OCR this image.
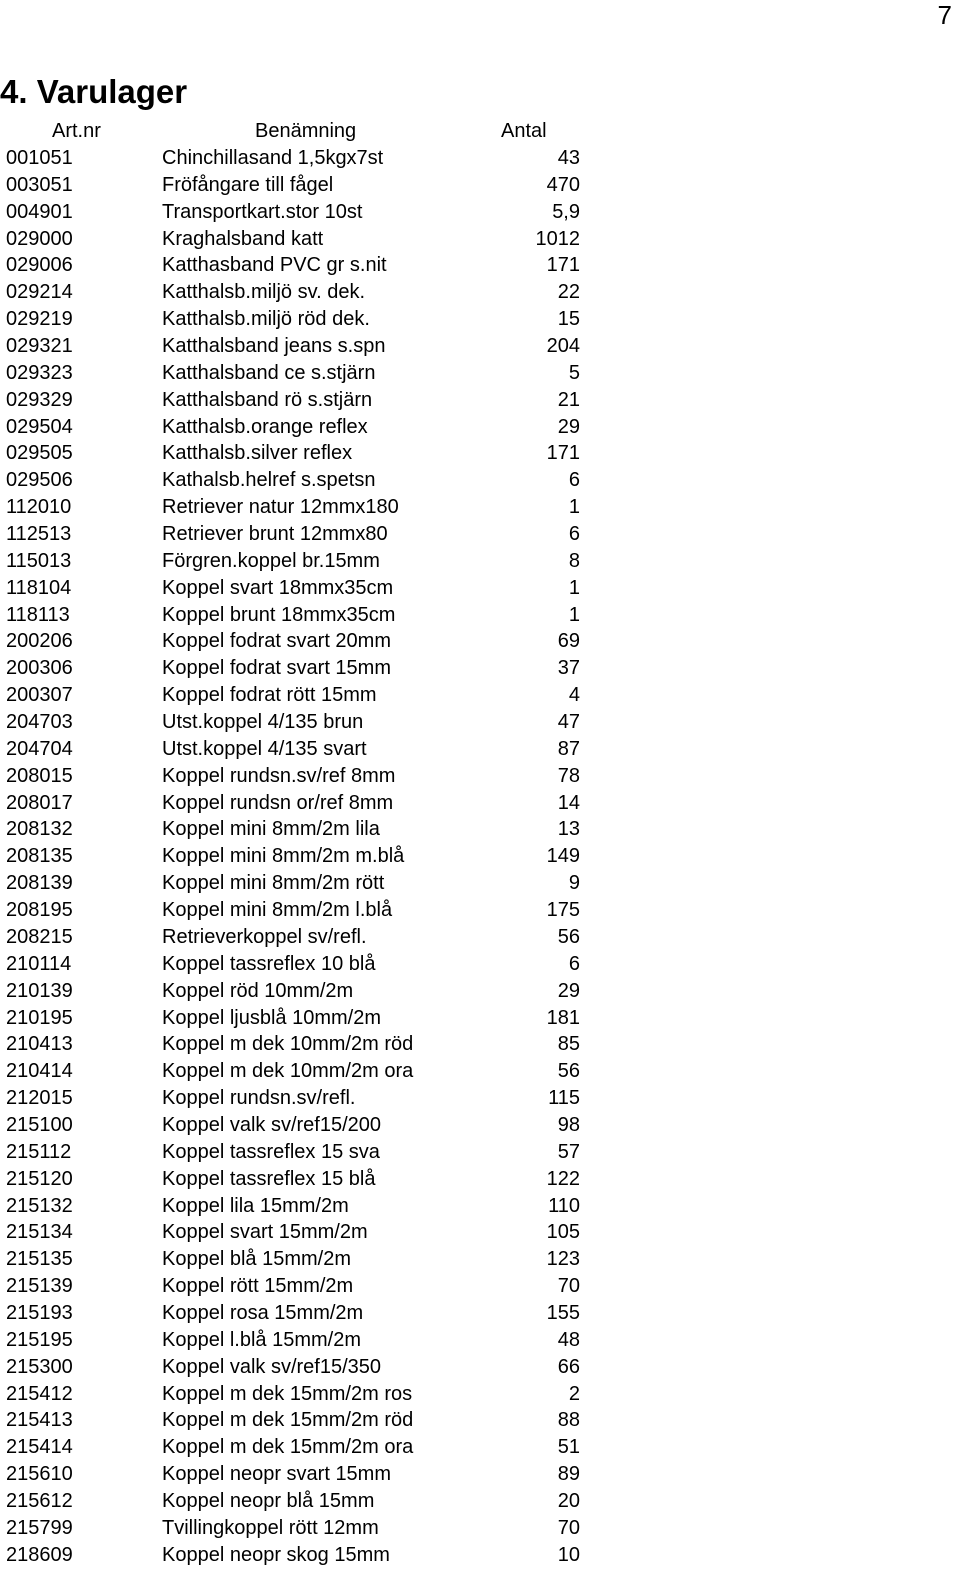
7
4. Varulager
Art.nr	Benämning	Antal
001051	Chinchillasand 1,5kgx7st	43
003051	Fröfångare till fågel	470
004901	Transportkart.stor 10st	5,9
029000	Kraghalsband katt	1012
029006	Katthasband PVC gr s.nit	171
029214	Katthalsb.miljö sv. dek.	22
029219	Katthalsb.miljö röd dek.	15
029321	Katthalsband jeans s.spn	204
029323	Katthalsband ce s.stjärn	5
029329	Katthalsband rö s.stjärn	21
029504	Katthalsb.orange reflex	29
029505	Katthalsb.silver reflex	171
029506	Kathalsb.helref s.spetsn	6
112010	Retriever natur 12mmx180	1
112513	Retriever brunt 12mmx80	6
115013	Förgren.koppel br.15mm	8
118104	Koppel svart 18mmx35cm	1
118113	Koppel brunt 18mmx35cm	1
200206	Koppel fodrat svart 20mm	69
200306	Koppel fodrat svart 15mm	37
200307	Koppel fodrat rött 15mm	4
204703	Utst.koppel 4/135 brun	47
204704	Utst.koppel 4/135 svart	87
208015	Koppel rundsn.sv/ref 8mm	78
208017	Koppel rundsn or/ref 8mm	14
208132	Koppel mini 8mm/2m lila	13
208135	Koppel mini 8mm/2m m.blå	149
208139	Koppel mini 8mm/2m rött	9
208195	Koppel mini 8mm/2m l.blå	175
208215	Retrieverkoppel sv/refl.	56
210114	Koppel tassreflex 10 blå	6
210139	Koppel röd 10mm/2m	29
210195	Koppel ljusblå 10mm/2m	181
210413	Koppel m dek 10mm/2m röd	85
210414	Koppel m dek 10mm/2m ora	56
212015	Koppel rundsn.sv/refl.	115
215100	Koppel valk sv/ref15/200	98
215112	Koppel tassreflex 15 sva	57
215120	Koppel tassreflex 15 blå	122
215132	Koppel lila 15mm/2m	110
215134	Koppel svart 15mm/2m	105
215135	Koppel blå 15mm/2m	123
215139	Koppel rött 15mm/2m	70
215193	Koppel rosa 15mm/2m	155
215195	Koppel l.blå 15mm/2m	48
215300	Koppel valk sv/ref15/350	66
215412	Koppel m dek 15mm/2m ros	2
215413	Koppel m dek 15mm/2m röd	88
215414	Koppel m dek 15mm/2m ora	51
215610	Koppel neopr svart 15mm	89
215612	Koppel neopr blå 15mm	20
215799	Tvillingkoppel rött 12mm	70
218609	Koppel neopr skog 15mm	10
